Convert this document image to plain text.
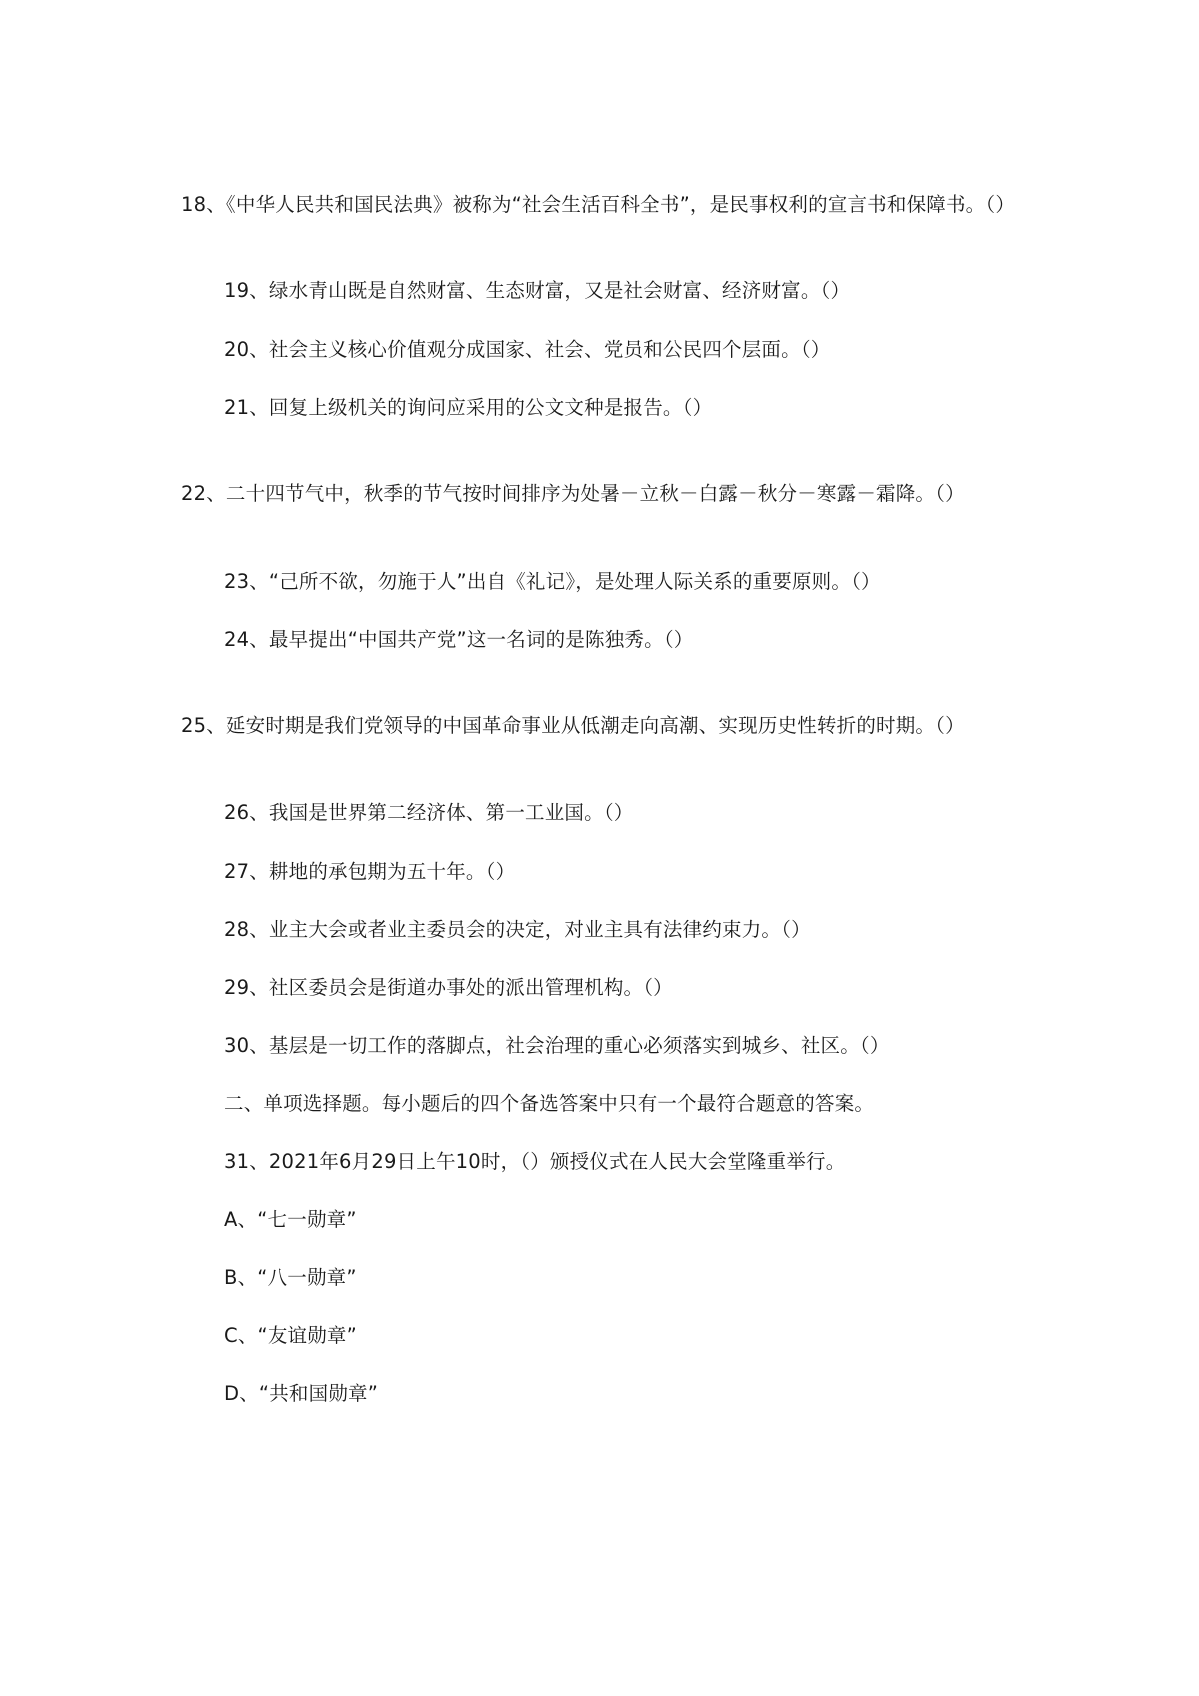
18、《中华人民共和国民法典》被称为“社会生活百科全书”，是民事权利的宣言书和保障书。（）
19、绿水青山既是自然财富、生态财富，又是社会财富、经济财富。（）
20、社会主义核心价值观分成国家、社会、党员和公民四个层面。（）
21、回复上级机关的询问应采用的公文文种是报告。（）
22、二十四节气中，秋季的节气按时间排序为处暑－立秋－白露－秋分－寒露－霜降。（）
23、“己所不欲，勿施于人”出自《礼记》，是处理人际关系的重要原则。（）
24、最早提出“中国共产党”这一名词的是陈独秀。（）
25、延安时期是我们党领导的中国革命事业从低潮走向高潮、实现历史性转折的时期。（）
26、我国是世界第二经济体、第一工业国。（）
27、耕地的承包期为五十年。（）
28、业主大会或者业主委员会的决定，对业主具有法律约束力。（）
29、社区委员会是街道办事处的派出管理机构。（）
30、基层是一切工作的落脚点，社会治理的重心必须落实到城乡、社区。（）
二、单项选择题。每小题后的四个备选答案中只有一个最符合题意的答案。
31、2021年6月29日上午10时，（）颁授仪式在人民大会堂隆重举行。
A、“七一勋章”
B、“八一勋章”
C、“友谊勋章”
D、“共和国勋章”
